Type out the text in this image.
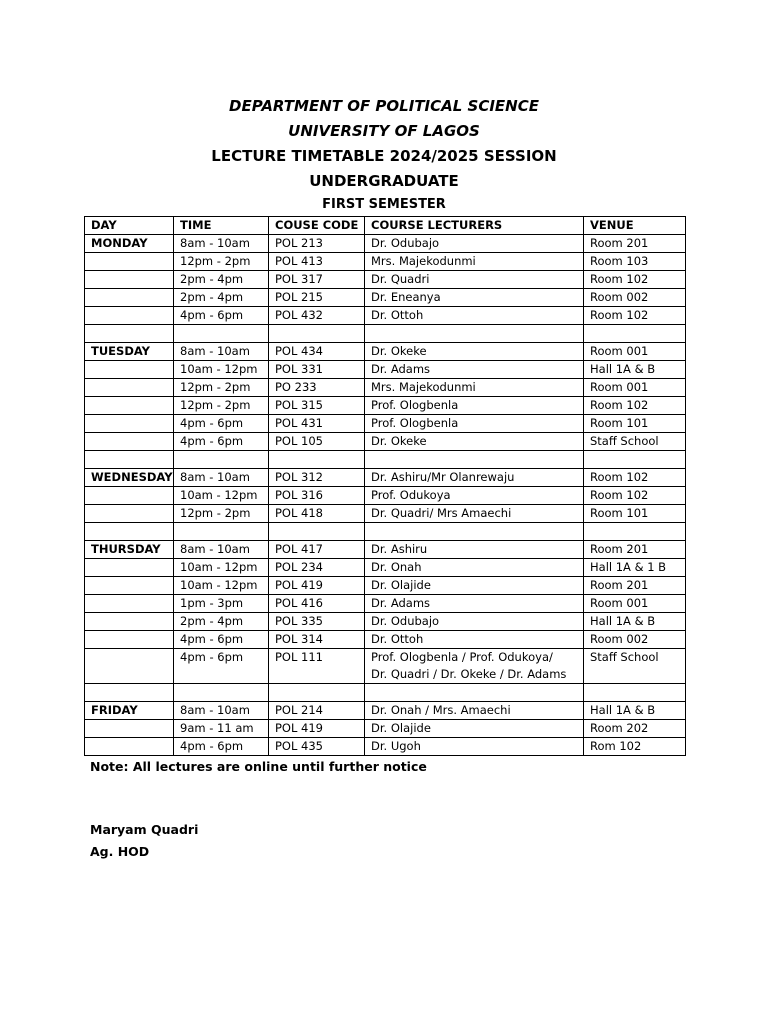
DEPARTMENT OF POLITICAL SCIENCE
UNIVERSITY OF LAGOS
LECTURE TIMETABLE 2024/2025 SESSION
UNDERGRADUATE
FIRST SEMESTER
DAY	TIME	COUSE CODE	COURSE LECTURERS	VENUE
MONDAY	8am - 10am	POL 213	Dr. Odubajo	Room 201
	12pm - 2pm	POL 413	Mrs. Majekodunmi	Room 103
	2pm - 4pm	POL 317	Dr. Quadri	Room 102
	2pm - 4pm	POL 215	Dr. Eneanya	Room 002
	4pm - 6pm	POL 432	Dr. Ottoh	Room 102

TUESDAY	8am - 10am	POL 434	Dr. Okeke	Room 001
	10am - 12pm	POL 331	Dr. Adams	Hall 1A & B
	12pm - 2pm	PO 233	Mrs. Majekodunmi	Room 001
	12pm - 2pm	POL 315	Prof. Ologbenla	Room 102
	4pm - 6pm	POL 431	Prof. Ologbenla	Room 101
	4pm - 6pm	POL 105	Dr. Okeke	Staff School

WEDNESDAY	8am - 10am	POL 312	Dr. Ashiru/Mr Olanrewaju	Room 102
	10am - 12pm	POL 316	Prof. Odukoya	Room 102
	12pm - 2pm	POL 418	Dr. Quadri/ Mrs Amaechi	Room 101

THURSDAY	8am - 10am	POL 417	Dr. Ashiru	Room 201
	10am - 12pm	POL 234	Dr. Onah	Hall 1A & 1 B
	10am - 12pm	POL 419	Dr. Olajide	Room 201
	1pm - 3pm	POL 416	Dr. Adams	Room 001
	2pm - 4pm	POL 335	Dr. Odubajo	Hall 1A & B
	4pm - 6pm	POL 314	Dr. Ottoh	Room 002
	4pm - 6pm	POL 111	Prof. Ologbenla / Prof. Odukoya/
Dr. Quadri / Dr. Okeke / Dr. Adams	Staff School

FRIDAY	8am - 10am	POL 214	Dr. Onah / Mrs. Amaechi	Hall 1A & B
	9am - 11 am	POL 419	Dr. Olajide	Room 202
	4pm - 6pm	POL 435	Dr. Ugoh	Rom 102
Note: All lectures are online until further notice
Maryam Quadri
Ag. HOD
